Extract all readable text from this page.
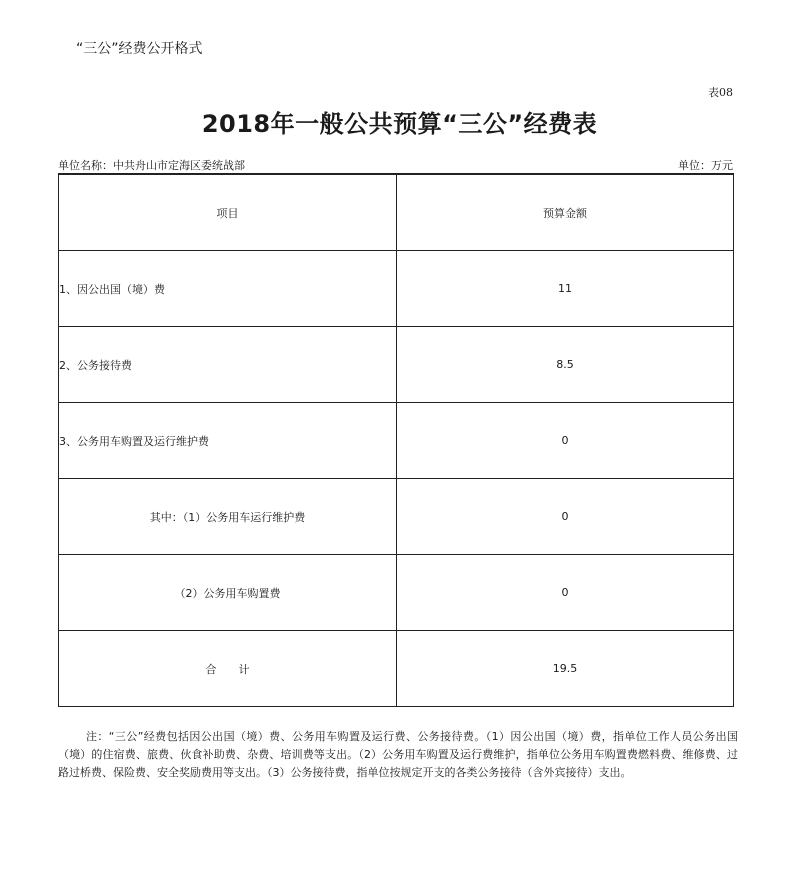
“三公”经费公开格式
表08
2018年一般公共预算“三公”经费表
单位名称：中共舟山市定海区委统战部	单位：万元
项目	预算金额
1、因公出国（境）费	11
2、公务接待费	8.5
3、公务用车购置及运行维护费	0
其中：（1）公务用车运行维护费	0
（2）公务用车购置费	0
合　　计	19.5
注：“三公”经费包括因公出国（境）费、公务用车购置及运行费、公务接待费。（1）因公出国（境）费，指单位工作人员公务出国（境）的住宿费、旅费、伙食补助费、杂费、培训费等支出。（2）公务用车购置及运行费维护，指单位公务用车购置费燃料费、维修费、过路过桥费、保险费、安全奖励费用等支出。（3）公务接待费，指单位按规定开支的各类公务接待（含外宾接待）支出。
